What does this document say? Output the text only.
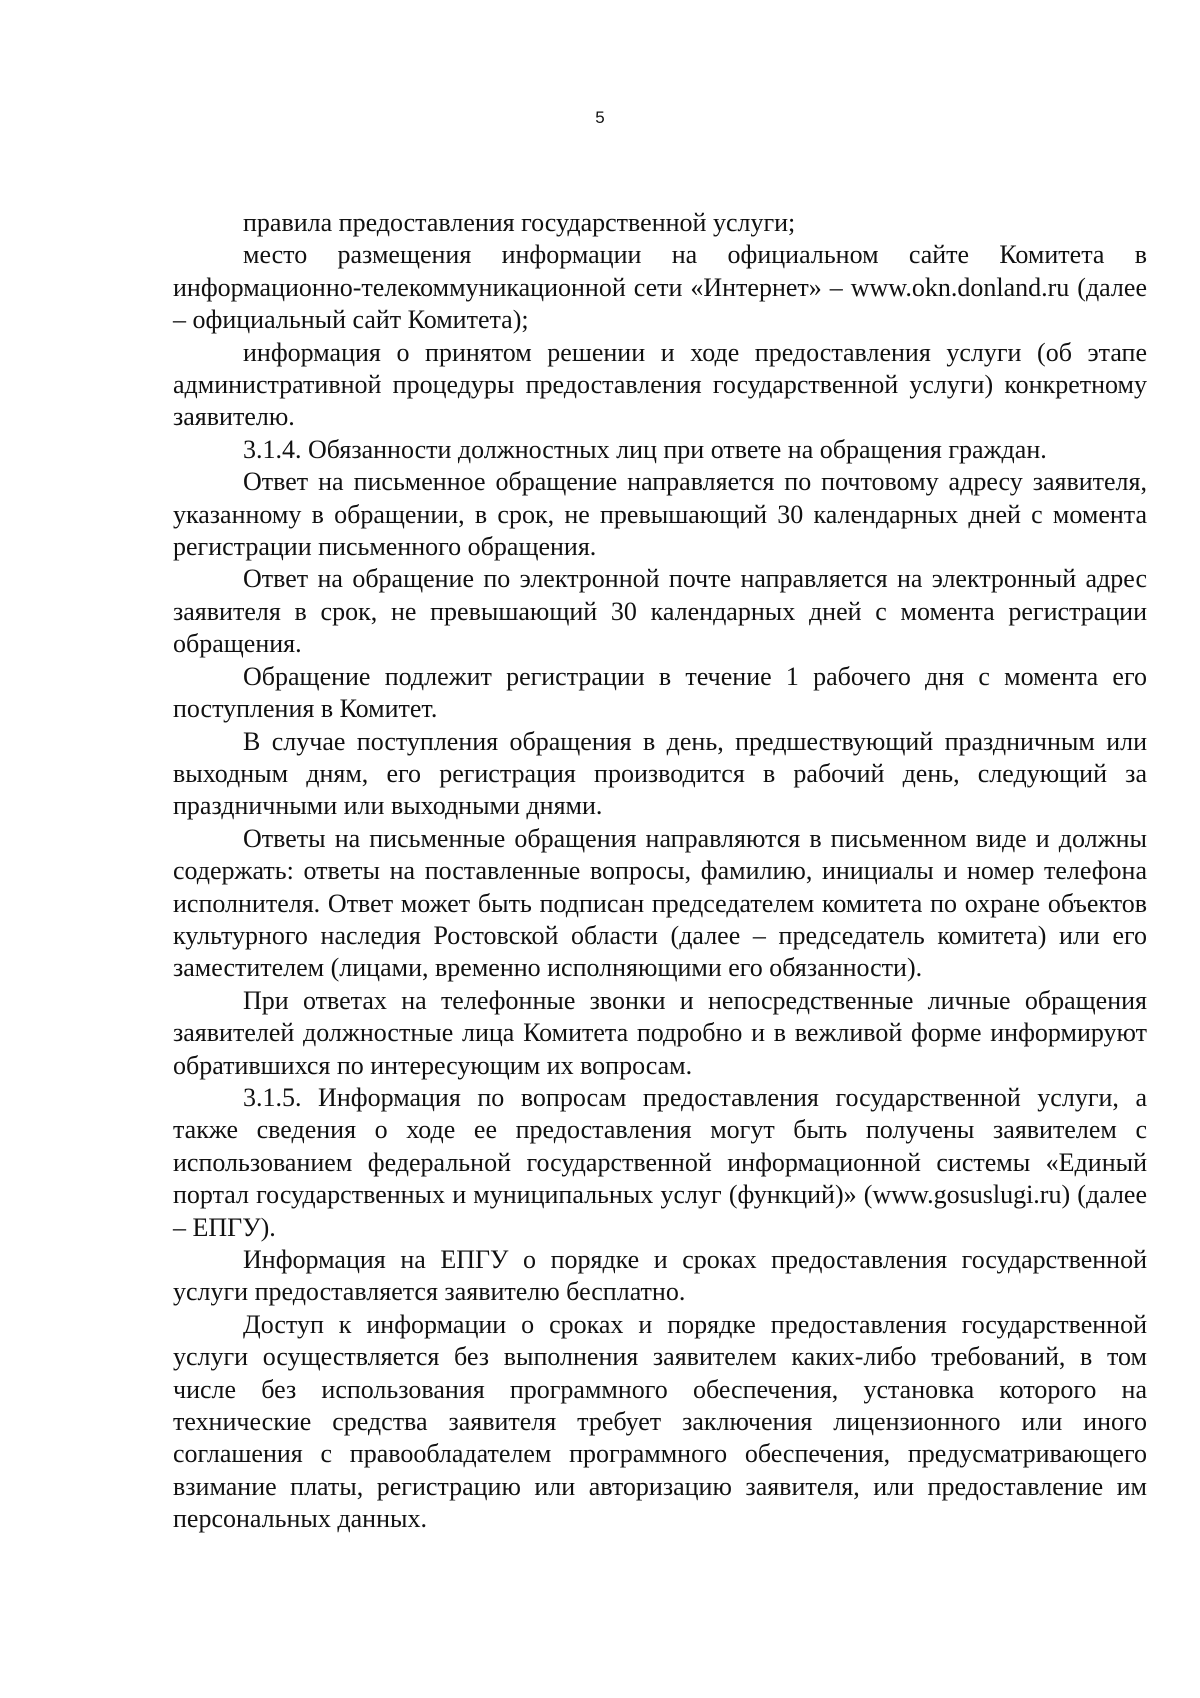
5

правила предоставления государственной услуги;

место размещения информации на официальном сайте Комитета в информационно-телекоммуникационной сети «Интернет» – www.okn.donland.ru (далее – официальный сайт Комитета);

информация о принятом решении и ходе предоставления услуги (об этапе административной процедуры предоставления государственной услуги) конкретному заявителю.

3.1.4. Обязанности должностных лиц при ответе на обращения граждан.

Ответ на письменное обращение направляется по почтовому адресу заявителя, указанному в обращении, в срок, не превышающий 30 календарных дней с момента регистрации письменного обращения.

Ответ на обращение по электронной почте направляется на электронный адрес заявителя в срок, не превышающий 30 календарных дней с момента регистрации обращения.

Обращение подлежит регистрации в течение 1 рабочего дня с момента его поступления в Комитет.

В случае поступления обращения в день, предшествующий праздничным или выходным дням, его регистрация производится в рабочий день, следующий за праздничными или выходными днями.

Ответы на письменные обращения направляются в письменном виде и должны содержать: ответы на поставленные вопросы, фамилию, инициалы и номер телефона исполнителя. Ответ может быть подписан председателем комитета по охране объектов культурного наследия Ростовской области (далее – председатель комитета) или его заместителем (лицами, временно исполняющими его обязанности).

При ответах на телефонные звонки и непосредственные личные обращения заявителей должностные лица Комитета подробно и в вежливой форме информируют обратившихся по интересующим их вопросам.

3.1.5. Информация по вопросам предоставления государственной услуги, а также сведения о ходе ее предоставления могут быть получены заявителем с использованием федеральной государственной информационной системы «Единый портал государственных и муниципальных услуг (функций)» (www.gosuslugi.ru) (далее – ЕПГУ).

Информация на ЕПГУ о порядке и сроках предоставления государственной услуги предоставляется заявителю бесплатно.

Доступ к информации о сроках и порядке предоставления государственной услуги осуществляется без выполнения заявителем каких-либо требований, в том числе без использования программного обеспечения, установка которого на технические средства заявителя требует заключения лицензионного или иного соглашения с правообладателем программного обеспечения, предусматривающего взимание платы, регистрацию или авторизацию заявителя, или предоставление им персональных данных.
